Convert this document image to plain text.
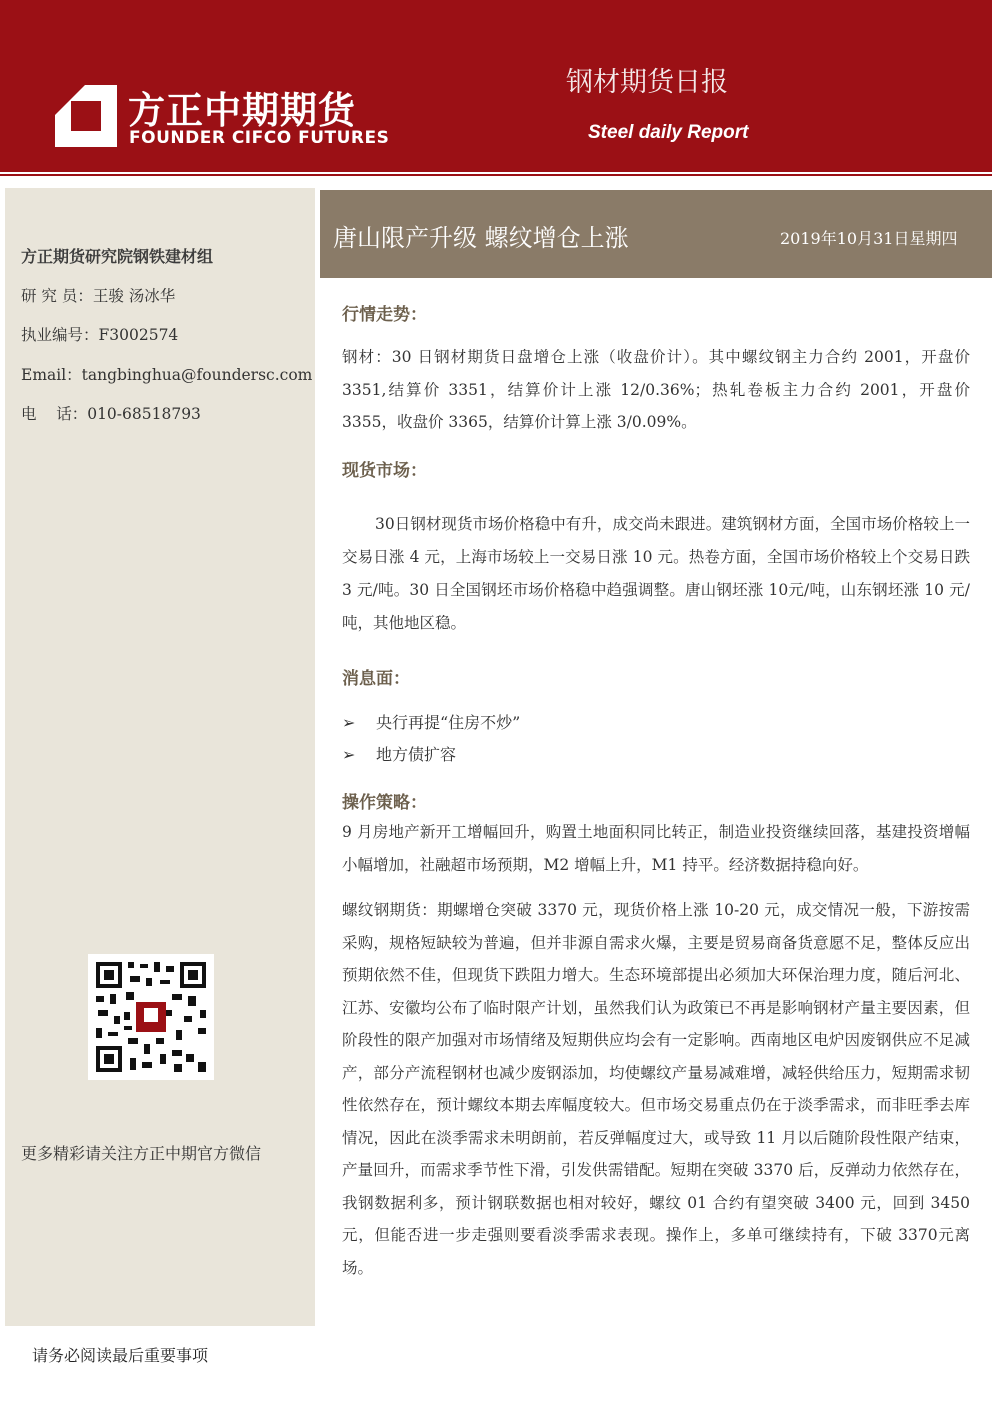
方正中期期货
FOUNDER CIFCO FUTURES
钢材期货日报
Steel daily Report
方正期货研究院钢铁建材组
研 究 员：王骏 汤冰华
执业编号：F3002574
Email：tangbinghua@foundersc.com
电    话：010-68518793
更多精彩请关注方正中期官方微信
唐山限产升级 螺纹增仓上涨	2019年10月31日星期四
行情走势：
钢材：30 日钢材期货日盘增仓上涨（收盘价计）。其中螺纹钢主力合约 2001，开盘价 3351,结算价 3351，结算价计上涨 12/0.36%；热轧卷板主力合约 2001，开盘价 3355，收盘价 3365，结算价计算上涨 3/0.09%。
现货市场：
30日钢材现货市场价格稳中有升，成交尚未跟进。建筑钢材方面，全国市场价格较上一交易日涨 4 元，上海市场较上一交易日涨 10 元。热卷方面，全国市场价格较上个交易日跌 3 元/吨。30 日全国钢坯市场价格稳中趋强调整。唐山钢坯涨 10元/吨，山东钢坯涨 10 元/吨，其他地区稳。
消息面：
➢ 央行再提“住房不炒”
➢ 地方债扩容
操作策略：
9 月房地产新开工增幅回升，购置土地面积同比转正，制造业投资继续回落，基建投资增幅小幅增加，社融超市场预期，M2 增幅上升，M1 持平。经济数据持稳向好。
螺纹钢期货：期螺增仓突破 3370 元，现货价格上涨 10-20 元，成交情况一般，下游按需采购，规格短缺较为普遍，但并非源自需求火爆，主要是贸易商备货意愿不足，整体反应出预期依然不佳，但现货下跌阻力增大。生态环境部提出必须加大环保治理力度，随后河北、江苏、安徽均公布了临时限产计划，虽然我们认为政策已不再是影响钢材产量主要因素，但阶段性的限产加强对市场情绪及短期供应均会有一定影响。西南地区电炉因废钢供应不足减产，部分产流程钢材也减少废钢添加，均使螺纹产量易减难增，减轻供给压力，短期需求韧性依然存在，预计螺纹本期去库幅度较大。但市场交易重点仍在于淡季需求，而非旺季去库情况，因此在淡季需求未明朗前，若反弹幅度过大，或导致 11 月以后随阶段性限产结束，产量回升，而需求季节性下滑，引发供需错配。短期在突破 3370 后，反弹动力依然存在，我钢数据利多，预计钢联数据也相对较好，螺纹 01 合约有望突破 3400 元，回到 3450元，但能否进一步走强则要看淡季需求表现。操作上，多单可继续持有，下破 3370元离场。
请务必阅读最后重要事项
